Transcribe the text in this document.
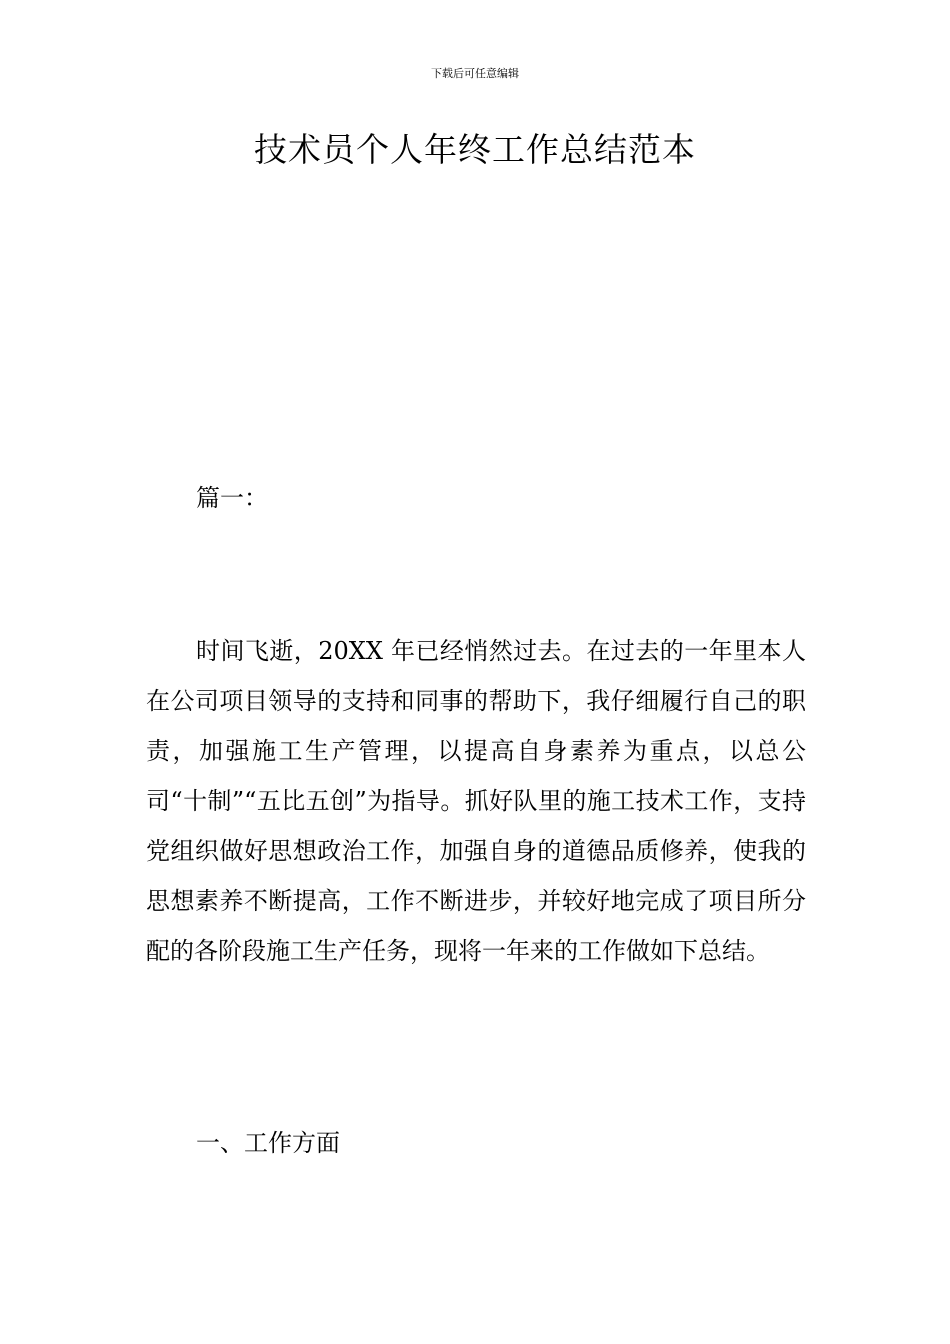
下载后可任意编辑
技术员个人年终工作总结范本
篇一：

时间飞逝，20XX 年已经悄然过去。在过去的一年里本人在公司项目领导的支持和同事的帮助下，我仔细履行自己的职责，加强施工生产管理，以提高自身素养为重点，以总公司“十制”“五比五创”为指导。抓好队里的施工技术工作，支持党组织做好思想政治工作，加强自身的道德品质修养，使我的思想素养不断提高，工作不断进步，并较好地完成了项目所分配的各阶段施工生产任务，现将一年来的工作做如下总结。

一、工作方面
